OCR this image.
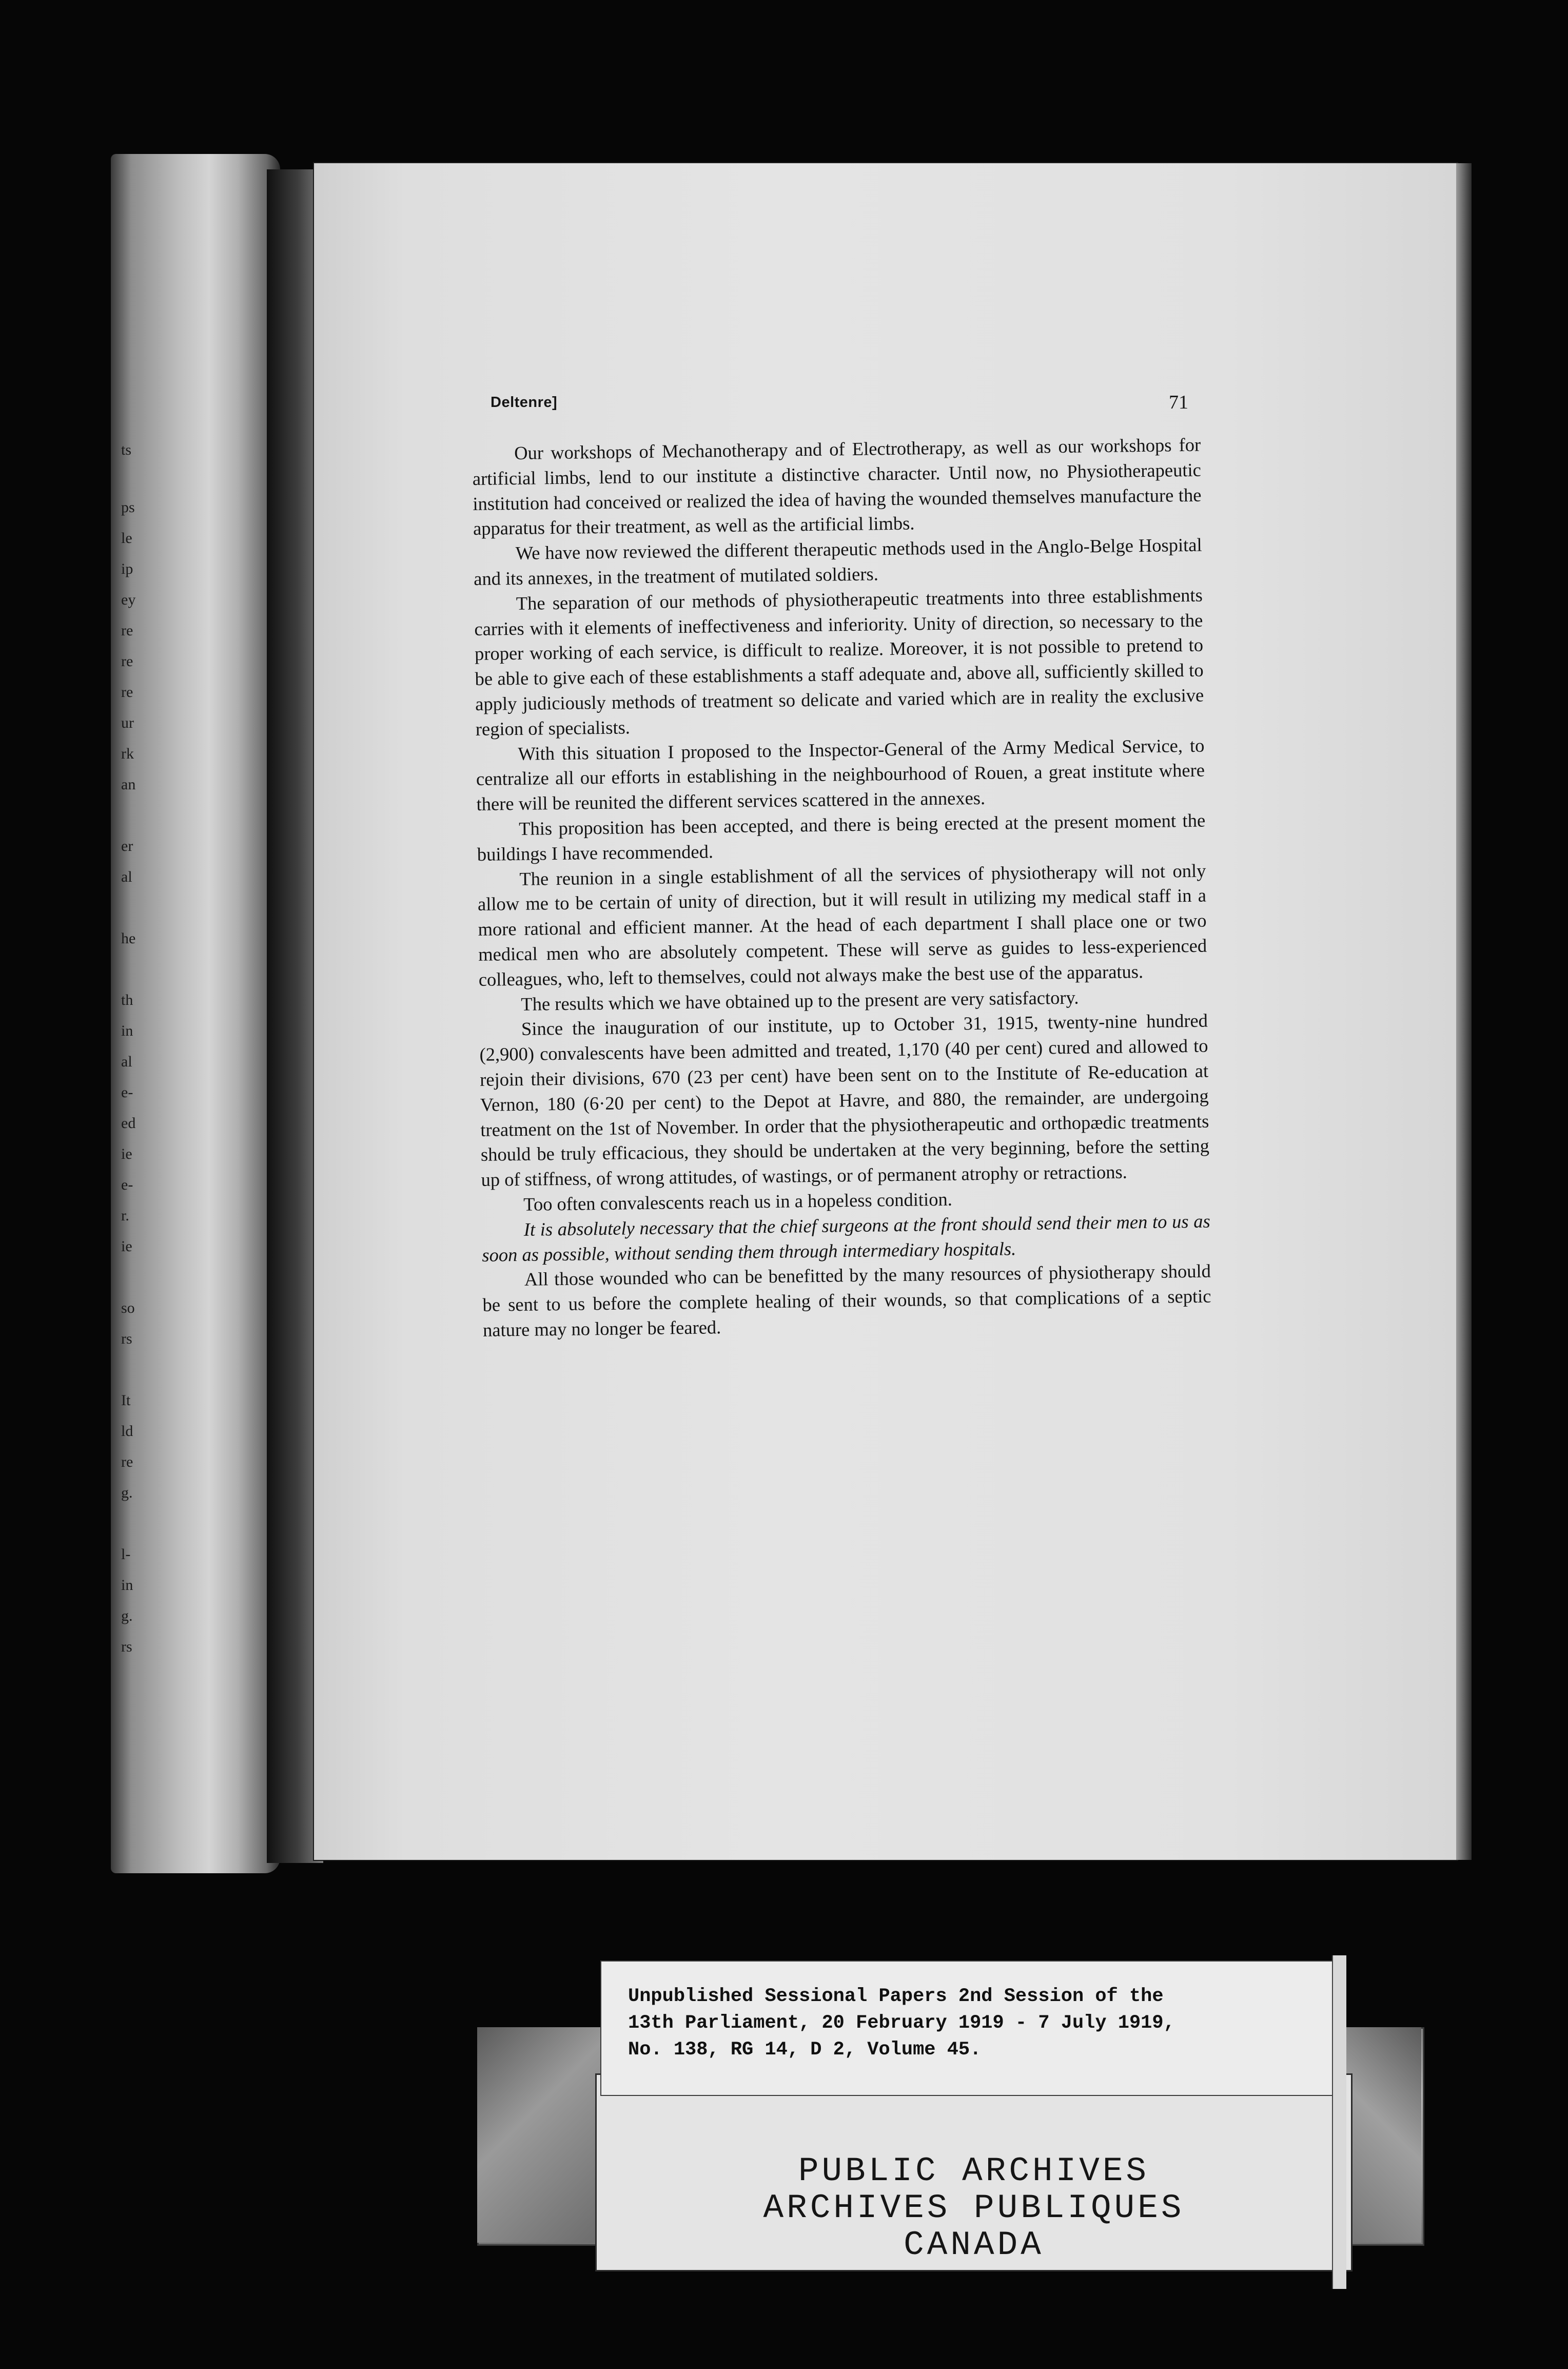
ts
ps
le
ip
ey
re
re
re
ur
rk
an
er
al
he
th
in
al
e-
ed
ie
e-
r.
ie
so
rs
It
ld
re
g.
l-
in
g.
rs
Deltenre]	71

Our workshops of Mechanotherapy and of Electrotherapy, as well as our workshops for artificial limbs, lend to our institute a distinctive character. Until now, no Physiotherapeutic institution had conceived or realized the idea of having the wounded themselves manufacture the apparatus for their treatment, as well as the artificial limbs.

We have now reviewed the different therapeutic methods used in the Anglo-Belge Hospital and its annexes, in the treatment of mutilated soldiers.

The separation of our methods of physiotherapeutic treatments into three establishments carries with it elements of ineffectiveness and inferiority. Unity of direction, so necessary to the proper working of each service, is difficult to realize. Moreover, it is not possible to pretend to be able to give each of these establishments a staff adequate and, above all, sufficiently skilled to apply judiciously methods of treatment so delicate and varied which are in reality the exclusive region of specialists.

With this situation I proposed to the Inspector-General of the Army Medical Service, to centralize all our efforts in establishing in the neighbourhood of Rouen, a great institute where there will be reunited the different services scattered in the annexes.

This proposition has been accepted, and there is being erected at the present moment the buildings I have recommended.

The reunion in a single establishment of all the services of physiotherapy will not only allow me to be certain of unity of direction, but it will result in utilizing my medical staff in a more rational and efficient manner. At the head of each department I shall place one or two medical men who are absolutely competent. These will serve as guides to less-experienced colleagues, who, left to themselves, could not always make the best use of the apparatus.

The results which we have obtained up to the present are very satisfactory.

Since the inauguration of our institute, up to October 31, 1915, twenty-nine hundred (2,900) convalescents have been admitted and treated, 1,170 (40 per cent) cured and allowed to rejoin their divisions, 670 (23 per cent) have been sent on to the Institute of Re-education at Vernon, 180 (6·20 per cent) to the Depot at Havre, and 880, the remainder, are undergoing treatment on the 1st of November. In order that the physiotherapeutic and orthopædic treatments should be truly efficacious, they should be undertaken at the very beginning, before the setting up of stiffness, of wrong attitudes, of wastings, or of permanent atrophy or retractions.

Too often convalescents reach us in a hopeless condition.

It is absolutely necessary that the chief surgeons at the front should send their men to us as soon as possible, without sending them through intermediary hospitals.

All those wounded who can be benefitted by the many resources of physiotherapy should be sent to us before the complete healing of their wounds, so that complications of a septic nature may no longer be feared.

PUBLIC ARCHIVES
ARCHIVES PUBLIQUES
CANADA
Unpublished Sessional Papers 2nd Session of the
13th Parliament, 20 February 1919 - 7 July 1919,
No. 138, RG 14, D 2, Volume 45.
